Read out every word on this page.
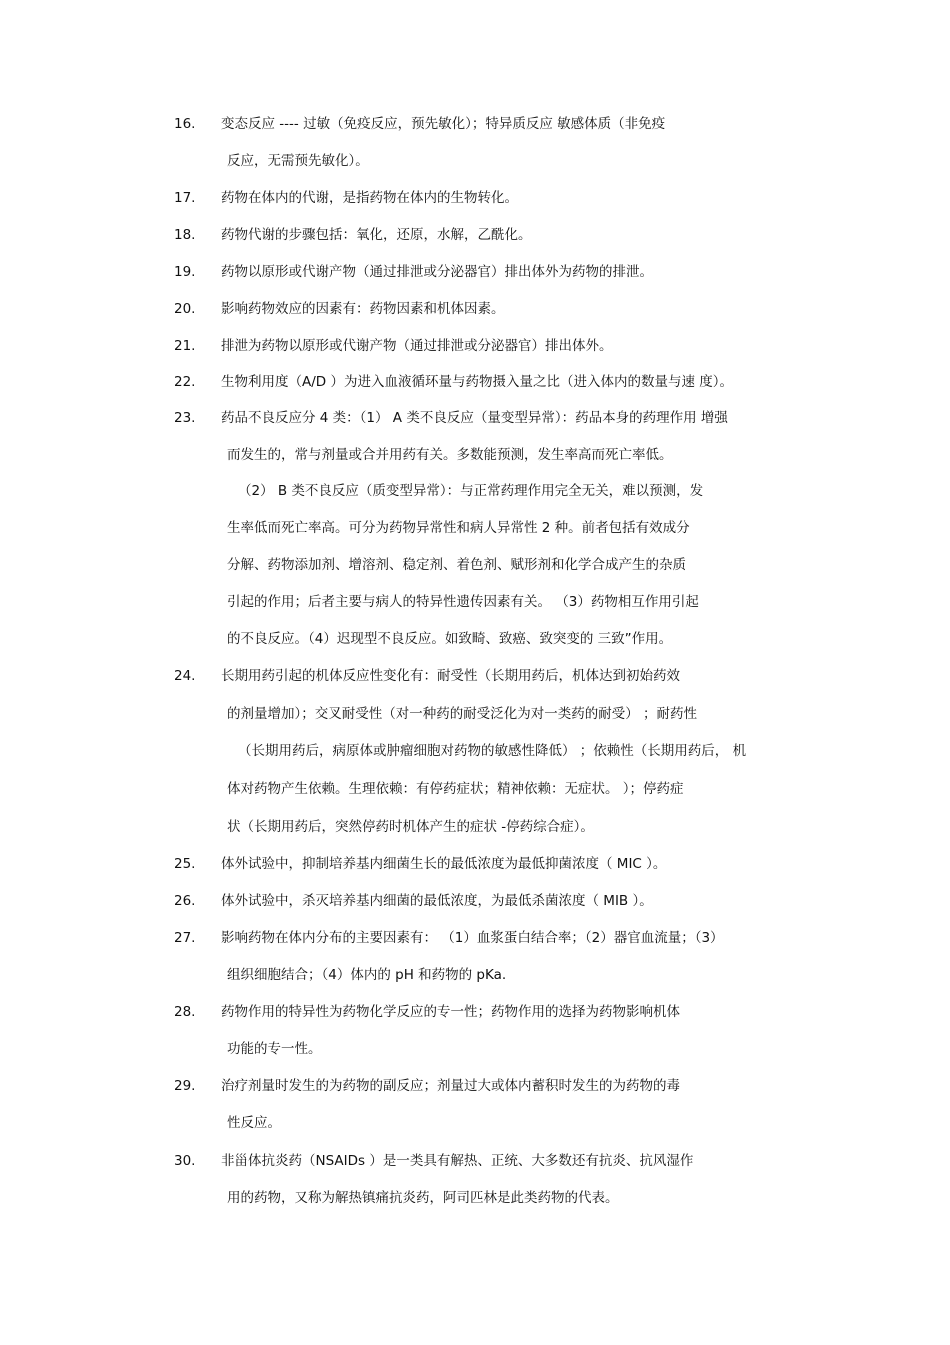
16. 变态反应 ---- 过敏（免疫反应，预先敏化）；特异质反应 敏感体质（非免疫
反应，无需预先敏化）。
17. 药物在体内的代谢，是指药物在体内的生物转化。
18. 药物代谢的步骤包括：氧化，还原，水解，乙酰化。
19. 药物以原形或代谢产物（通过排泄或分泌器官）排出体外为药物的排泄。
20. 影响药物效应的因素有：药物因素和机体因素。
21. 排泄为药物以原形或代谢产物（通过排泄或分泌器官）排出体外。
22. 生物利用度（A/D ）为进入血液循环量与药物摄入量之比（进入体内的数量与速 度）。
23. 药品不良反应分 4 类：（1） A 类不良反应（量变型异常）：药品本身的药理作用 增强
而发生的，常与剂量或合并用药有关。多数能预测，发生率高而死亡率低。
（2） B 类不良反应（质变型异常）：与正常药理作用完全无关，难以预测，发
生率低而死亡率高。可分为药物异常性和病人异常性 2 种。前者包括有效成分
分解、药物添加剂、增溶剂、稳定剂、着色剂、赋形剂和化学合成产生的杂质
引起的作用；后者主要与病人的特异性遗传因素有关。 （3）药物相互作用引起
的不良反应。（4）迟现型不良反应。如致畸、致癌、致突变的 三致”作用。
24. 长期用药引起的机体反应性变化有：耐受性（长期用药后，机体达到初始药效
的剂量增加）；交叉耐受性（对一种药的耐受泛化为对一类药的耐受） ；耐药性
（长期用药后，病原体或肿瘤细胞对药物的敏感性降低） ；依赖性（长期用药后， 机
体对药物产生依赖。生理依赖：有停药症状；精神依赖：无症状。 ）；停药症
状（长期用药后，突然停药时机体产生的症状 -停药综合症）。
25. 体外试验中，抑制培养基内细菌生长的最低浓度为最低抑菌浓度（ MIC ）。
26. 体外试验中，杀灭培养基内细菌的最低浓度，为最低杀菌浓度（ MIB ）。
27. 影响药物在体内分布的主要因素有： （1）血浆蛋白结合率；（2）器官血流量；（3）
组织细胞结合；（4）体内的 pH 和药物的 pKa.
28. 药物作用的特异性为药物化学反应的专一性；药物作用的选择为药物影响机体
功能的专一性。
29. 治疗剂量时发生的为药物的副反应；剂量过大或体内蓄积时发生的为药物的毒
性反应。
30. 非甾体抗炎药（NSAIDs ）是一类具有解热、正统、大多数还有抗炎、抗风湿作
用的药物，又称为解热镇痛抗炎药，阿司匹林是此类药物的代表。
